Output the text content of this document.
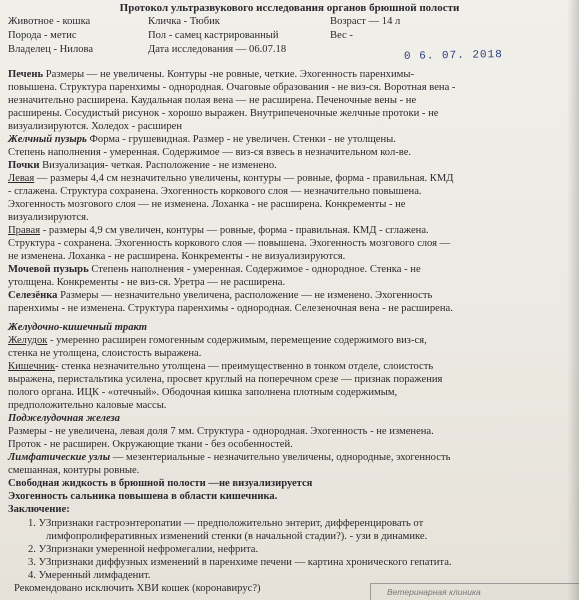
Протокол ультразвукового исследования органов брюшной полости
Животное - кошка	Кличка - Тюбик	Возраст — 14 л
Порода - метис	Пол - самец кастрированный	Вес -
Владелец - Нилова	Дата исследования — 06.07.18	0 6. 07. 2018
Печень Размеры — не увеличены. Контуры -не ровные, четкие. Эхогенность паренхимы-
повышена. Структура паренхимы - однородная. Очаговые образования - не виз-ся. Воротная вена -
незначительно расширена. Каудальная полая вена — не расширена. Печеночные вены - не
расширены. Сосудистый рисунок - хорошо выражен. Внутрипеченочные желчные протоки - не
визуализируются. Холедох - расширен
Желчный пузырь Форма - грушевидная. Размер - не увеличен. Стенки - не утолщены.
Степень наполнения - умеренная. Содержимое — виз-ся взвесь в незначительном кол-ве.
Почки Визуализация- четкая. Расположение - не изменено.
Левая — размеры 4,4 см незначительно увеличены, контуры — ровные, форма - правильная. КМД
- сглажена. Структура сохранена. Эхогенность коркового слоя — незначительно повышена.
Эхогенность мозгового слоя — не изменена. Лоханка - не расширена. Конкременты - не
визуализируются.
Правая - размеры 4,9 см увеличен, контуры — ровные, форма - правильная. КМД - сглажена.
Структура - сохранена. Эхогенность коркового слоя — повышена. Эхогенность мозгового слоя —
не изменена. Лоханка - не расширена. Конкременты - не визуализируются.
Мочевой пузырь Степень наполнения - умеренная. Содержимое - однородное. Стенка - не
утолщена. Конкременты - не виз-ся. Уретра — не расширена.
Селезёнка Размеры — незначительно увеличена, расположение — не изменено. Эхогенность
паренхимы - не изменена. Структура паренхимы - однородная. Селезеночная вена - не расширена.
Желудочно-кишечный тракт
Желудок - умеренно расширен гомогенным содержимым, перемещение содержимого виз-ся,
стенка не утолщена, слоистость выражена.
Кишечник- стенка незначительно утолщена — преимущественно в тонком отделе, слоистость
выражена, перистальтика усилена, просвет круглый на поперечном срезе — признак поражения
полого органа. ИЦК - «отечный». Ободочная кишка заполнена плотным содержимым,
предположительно каловые массы.
Поджелудочная железа
Размеры - не увеличена, левая доля 7 мм. Структура - однородная. Эхогенность - не изменена.
Проток - не расширен. Окружающие ткани - без особенностей.
Лимфатические узлы — мезентериальные - незначительно увеличены, однородные, эхогенность
смешанная, контуры ровные.
Свободная жидкость в брюшной полости —не визуализируется
Эхогенность сальника повышена в области кишечника.
Заключение:
1. УЗпризнаки гастроэнтеропатии — предположительно энтерит, дифференцировать от
лимфопролиферативных изменений стенки (в начальной стадии?). - узи в динамике.
2. УЗпризнаки умеренной нефромегалии, нефрита.
3. УЗпризнаки диффузных изменений в паренхиме печени — картина хронического гепатита.
4. Умеренный лимфаденит.
Рекомендовано исключить ХВИ кошек (коронавирус?)	Ветеринарная клиника
